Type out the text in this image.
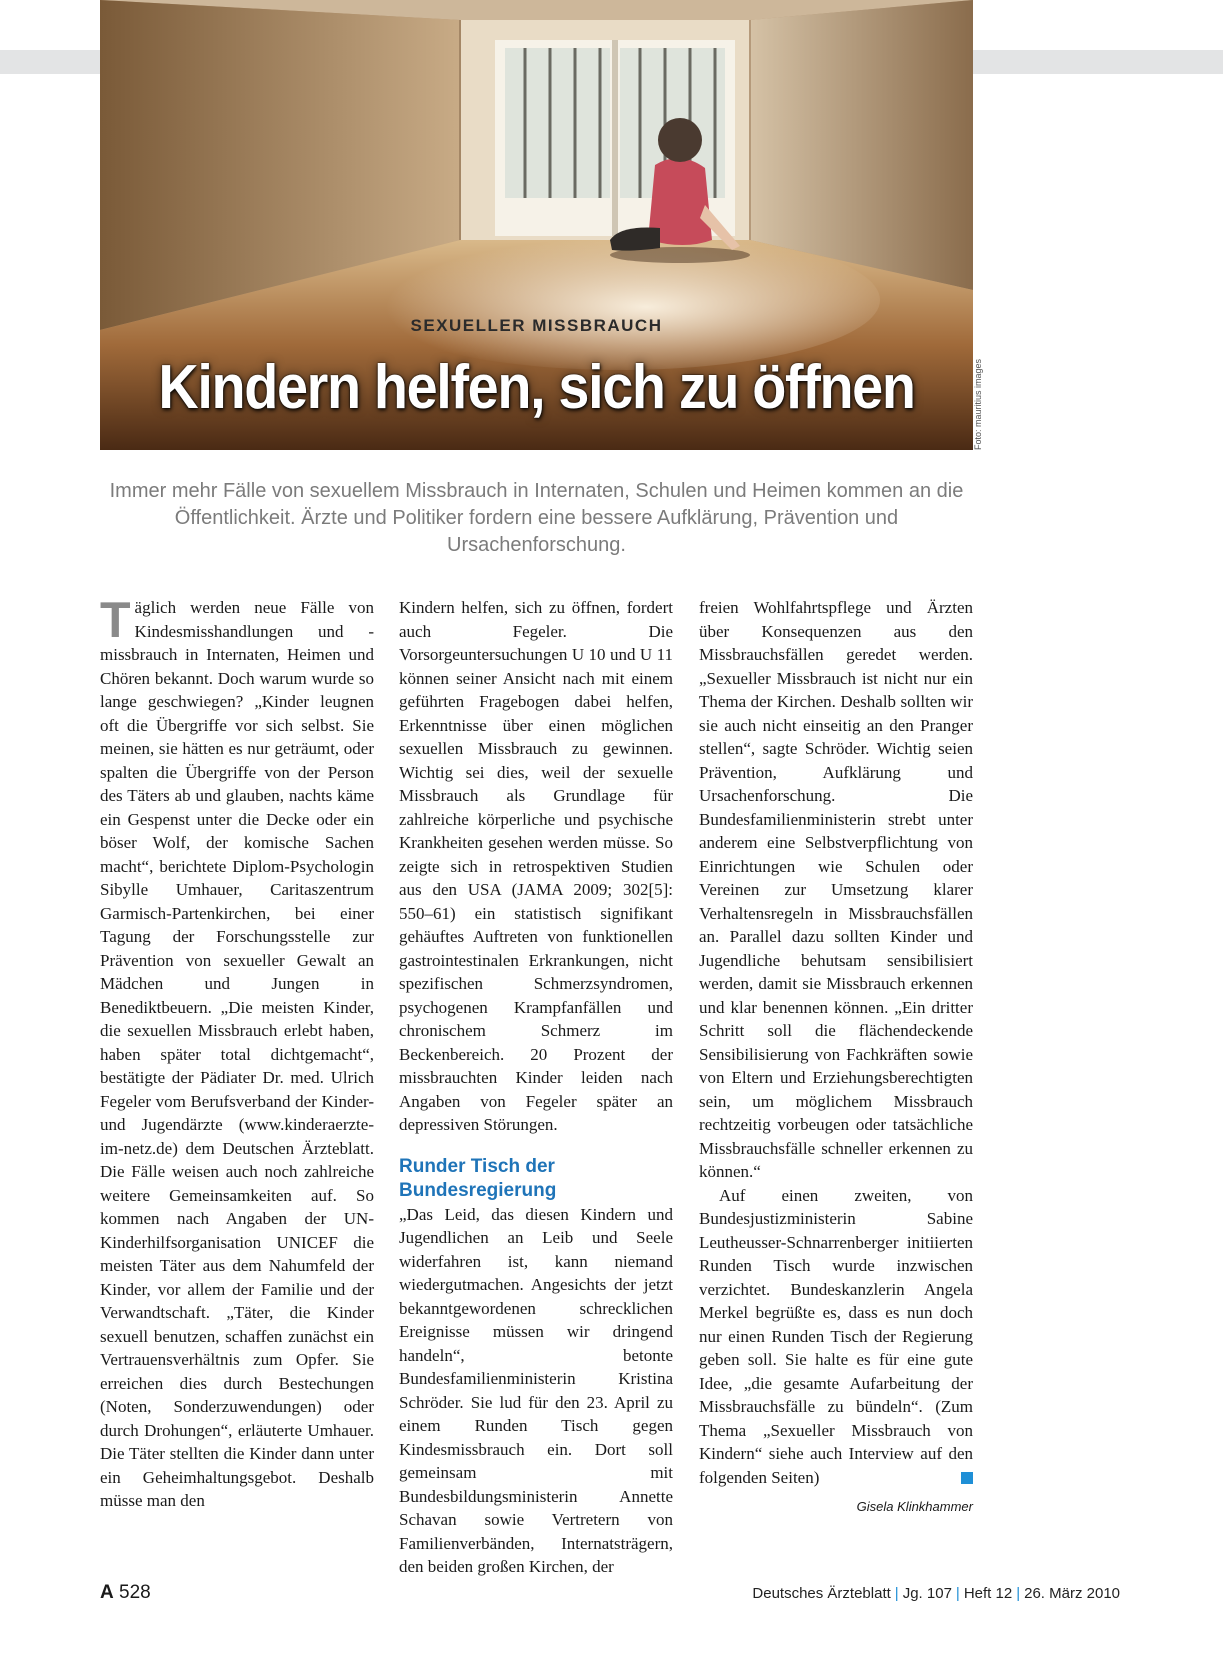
SEXUELLER MISSBRAUCH
Kindern helfen, sich zu öffnen	Foto: mauritius images
Immer mehr Fälle von sexuellem Missbrauch in Internaten, Schulen und Heimen kommen an die Öffentlichkeit. Ärzte und Politiker fordern eine bessere Aufklärung, Prävention und Ursachenforschung.

Täglich werden neue Fälle von Kindesmisshandlungen und -missbrauch in Internaten, Heimen und Chören bekannt. Doch warum wurde so lange geschwiegen? „Kinder leugnen oft die Übergriffe vor sich selbst. Sie meinen, sie hätten es nur geträumt, oder spalten die Übergriffe von der Person des Täters ab und glauben, nachts käme ein Gespenst unter die Decke oder ein böser Wolf, der komische Sachen macht“, berichtete Diplom-Psychologin Sibylle Umhauer, Caritaszentrum Garmisch-Partenkirchen, bei einer Tagung der Forschungsstelle zur Prävention von sexueller Gewalt an Mädchen und Jungen in Benediktbeuern. „Die meisten Kinder, die sexuellen Missbrauch erlebt haben, haben später total dichtgemacht“, bestätigte der Pädiater Dr. med. Ulrich Fegeler vom Berufsverband der Kinder- und Jugendärzte (www.kinderaerzte-im-netz.de) dem Deutschen Ärzteblatt. Die Fälle weisen auch noch zahlreiche weitere Gemeinsamkeiten auf. So kommen nach Angaben der UN-Kinderhilfsorganisation UNICEF die meisten Täter aus dem Nahumfeld der Kinder, vor allem der Familie und der Verwandtschaft. „Täter, die Kinder sexuell benutzen, schaffen zunächst ein Vertrauensverhältnis zum Opfer. Sie erreichen dies durch Bestechungen (Noten, Sonderzuwendungen) oder durch Drohungen“, erläuterte Umhauer. Die Täter stellten die Kinder dann unter ein Geheimhaltungsgebot. Deshalb müsse man den

Kindern helfen, sich zu öffnen, fordert auch Fegeler. Die Vorsorgeuntersuchungen U 10 und U 11 können seiner Ansicht nach mit einem geführten Fragebogen dabei helfen, Erkenntnisse über einen möglichen sexuellen Missbrauch zu gewinnen. Wichtig sei dies, weil der sexuelle Missbrauch als Grundlage für zahlreiche körperliche und psychische Krankheiten gesehen werden müsse. So zeigte sich in retrospektiven Studien aus den USA (JAMA 2009; 302[5]: 550–61) ein statistisch signifikant gehäuftes Auftreten von funktionellen gastrointestinalen Erkrankungen, nicht spezifischen Schmerzsyndromen, psychogenen Krampfanfällen und chronischem Schmerz im Beckenbereich. 20 Prozent der missbrauchten Kinder leiden nach Angaben von Fegeler später an depressiven Störungen.

Runder Tisch der Bundesregierung

„Das Leid, das diesen Kindern und Jugendlichen an Leib und Seele widerfahren ist, kann niemand wiedergutmachen. Angesichts der jetzt bekanntgewordenen schrecklichen Ereignisse müssen wir dringend handeln“, betonte Bundesfamilienministerin Kristina Schröder. Sie lud für den 23. April zu einem Runden Tisch gegen Kindesmissbrauch ein. Dort soll gemeinsam mit Bundesbildungsministerin Annette Schavan sowie Vertretern von Familienverbänden, Internatsträgern, den beiden großen Kirchen, der

freien Wohlfahrtspflege und Ärzten über Konsequenzen aus den Missbrauchsfällen geredet werden. „Sexueller Missbrauch ist nicht nur ein Thema der Kirchen. Deshalb sollten wir sie auch nicht einseitig an den Pranger stellen“, sagte Schröder. Wichtig seien Prävention, Aufklärung und Ursachenforschung. Die Bundesfamilienministerin strebt unter anderem eine Selbstverpflichtung von Einrichtungen wie Schulen oder Vereinen zur Umsetzung klarer Verhaltensregeln in Missbrauchsfällen an. Parallel dazu sollten Kinder und Jugendliche behutsam sensibilisiert werden, damit sie Missbrauch erkennen und klar benennen können. „Ein dritter Schritt soll die flächendeckende Sensibilisierung von Fachkräften sowie von Eltern und Erziehungsberechtigten sein, um möglichem Missbrauch rechtzeitig vorbeugen oder tatsächliche Missbrauchsfälle schneller erkennen zu können.“

Auf einen zweiten, von Bundesjustizministerin Sabine Leutheusser-Schnarrenberger initiierten Runden Tisch wurde inzwischen verzichtet. Bundeskanzlerin Angela Merkel begrüßte es, dass es nun doch nur einen Runden Tisch der Regierung geben soll. Sie halte es für eine gute Idee, „die gesamte Aufarbeitung der Missbrauchsfälle zu bündeln“. (Zum Thema „Sexueller Missbrauch von Kindern“ siehe auch Interview auf den folgenden Seiten)

Gisela Klinkhammer
A 528	Deutsches Ärzteblatt | Jg. 107 | Heft 12 | 26. März 2010
